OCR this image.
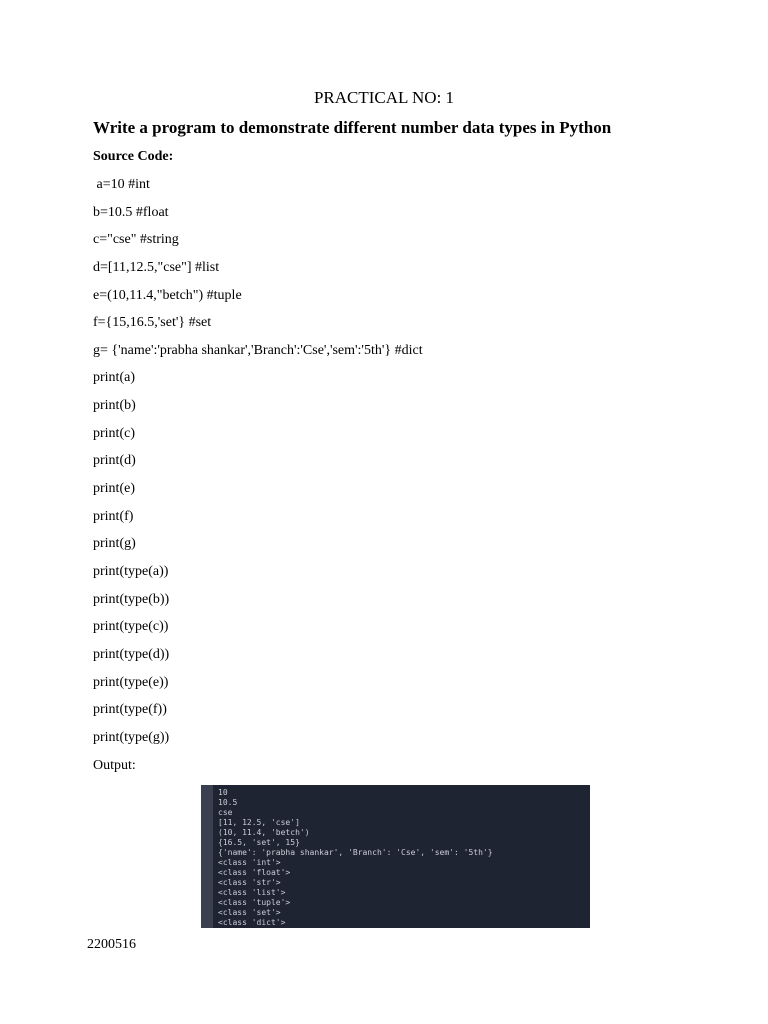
PRACTICAL NO: 1
Write a program to demonstrate different number data types in Python
Source Code:
a=10 #int
b=10.5 #float
c="cse" #string
d=[11,12.5,"cse"] #list
e=(10,11.4,"betch") #tuple
f={15,16.5,'set'} #set
g= {'name':'prabha shankar','Branch':'Cse','sem':'5th'} #dict
print(a)
print(b)
print(c)
print(d)
print(e)
print(f)
print(g)
print(type(a))
print(type(b))
print(type(c))
print(type(d))
print(type(e))
print(type(f))
print(type(g))
Output:
10
10.5
cse
[11, 12.5, 'cse']
(10, 11.4, 'betch')
{16.5, 'set', 15}
{'name': 'prabha shankar', 'Branch': 'Cse', 'sem': '5th'}
<class 'int'>
<class 'float'>
<class 'str'>
<class 'list'>
<class 'tuple'>
<class 'set'>
<class 'dict'>
2200516
